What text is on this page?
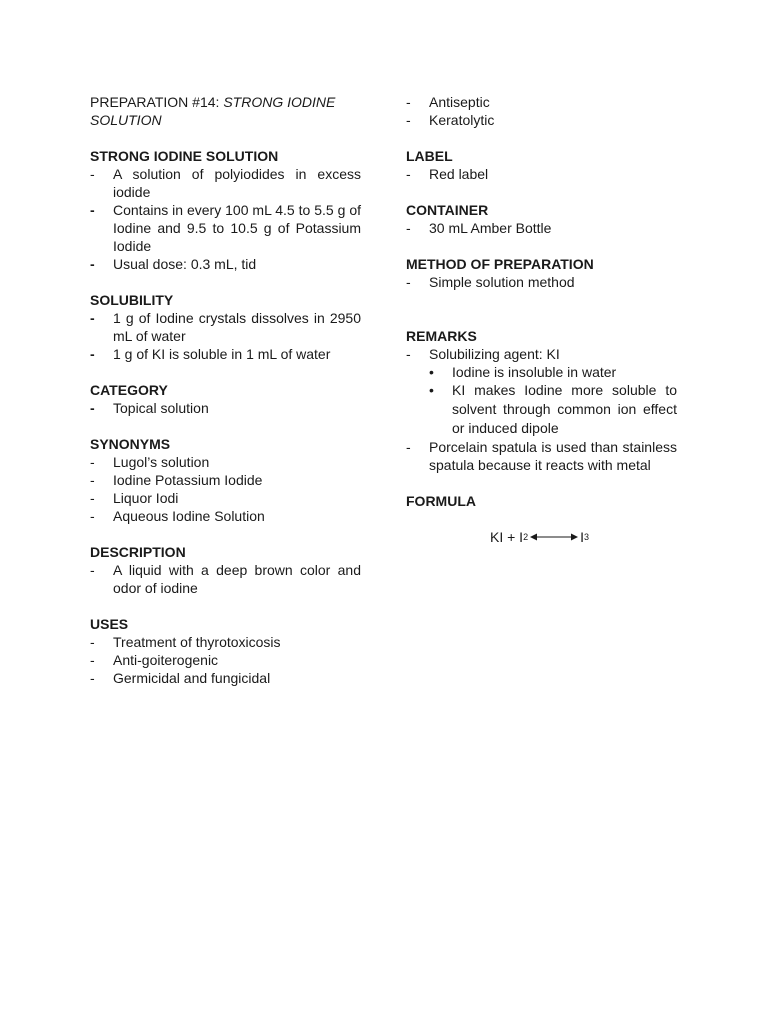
PREPARATION #14: STRONG IODINE SOLUTION

STRONG IODINE SOLUTION

- A solution of polyiodides in excess iodide
- Contains in every 100 mL 4.5 to 5.5 g of Iodine and 9.5 to 10.5 g of Potassium Iodide
- Usual dose: 0.3 mL, tid

SOLUBILITY

- 1 g of Iodine crystals dissolves in 2950 mL of water
- 1 g of KI is soluble in 1 mL of water

CATEGORY

- Topical solution

SYNONYMS

- Lugol’s solution
- Iodine Potassium Iodide
- Liquor Iodi
- Aqueous Iodine Solution

DESCRIPTION

- A liquid with a deep brown color and odor of iodine

USES

- Treatment of thyrotoxicosis
- Anti-goiterogenic
- Germicidal and fungicidal
- Antiseptic
- Keratolytic

LABEL

- Red label

CONTAINER

- 30 mL Amber Bottle

METHOD OF PREPARATION

- Simple solution method

REMARKS

- Solubilizing agent: KI
• Iodine is insoluble in water
• KI makes Iodine more soluble to solvent through common ion effect or induced dipole
- Porcelain spatula is used than stainless spatula because it reacts with metal

FORMULA

KI + I 2	I 3
